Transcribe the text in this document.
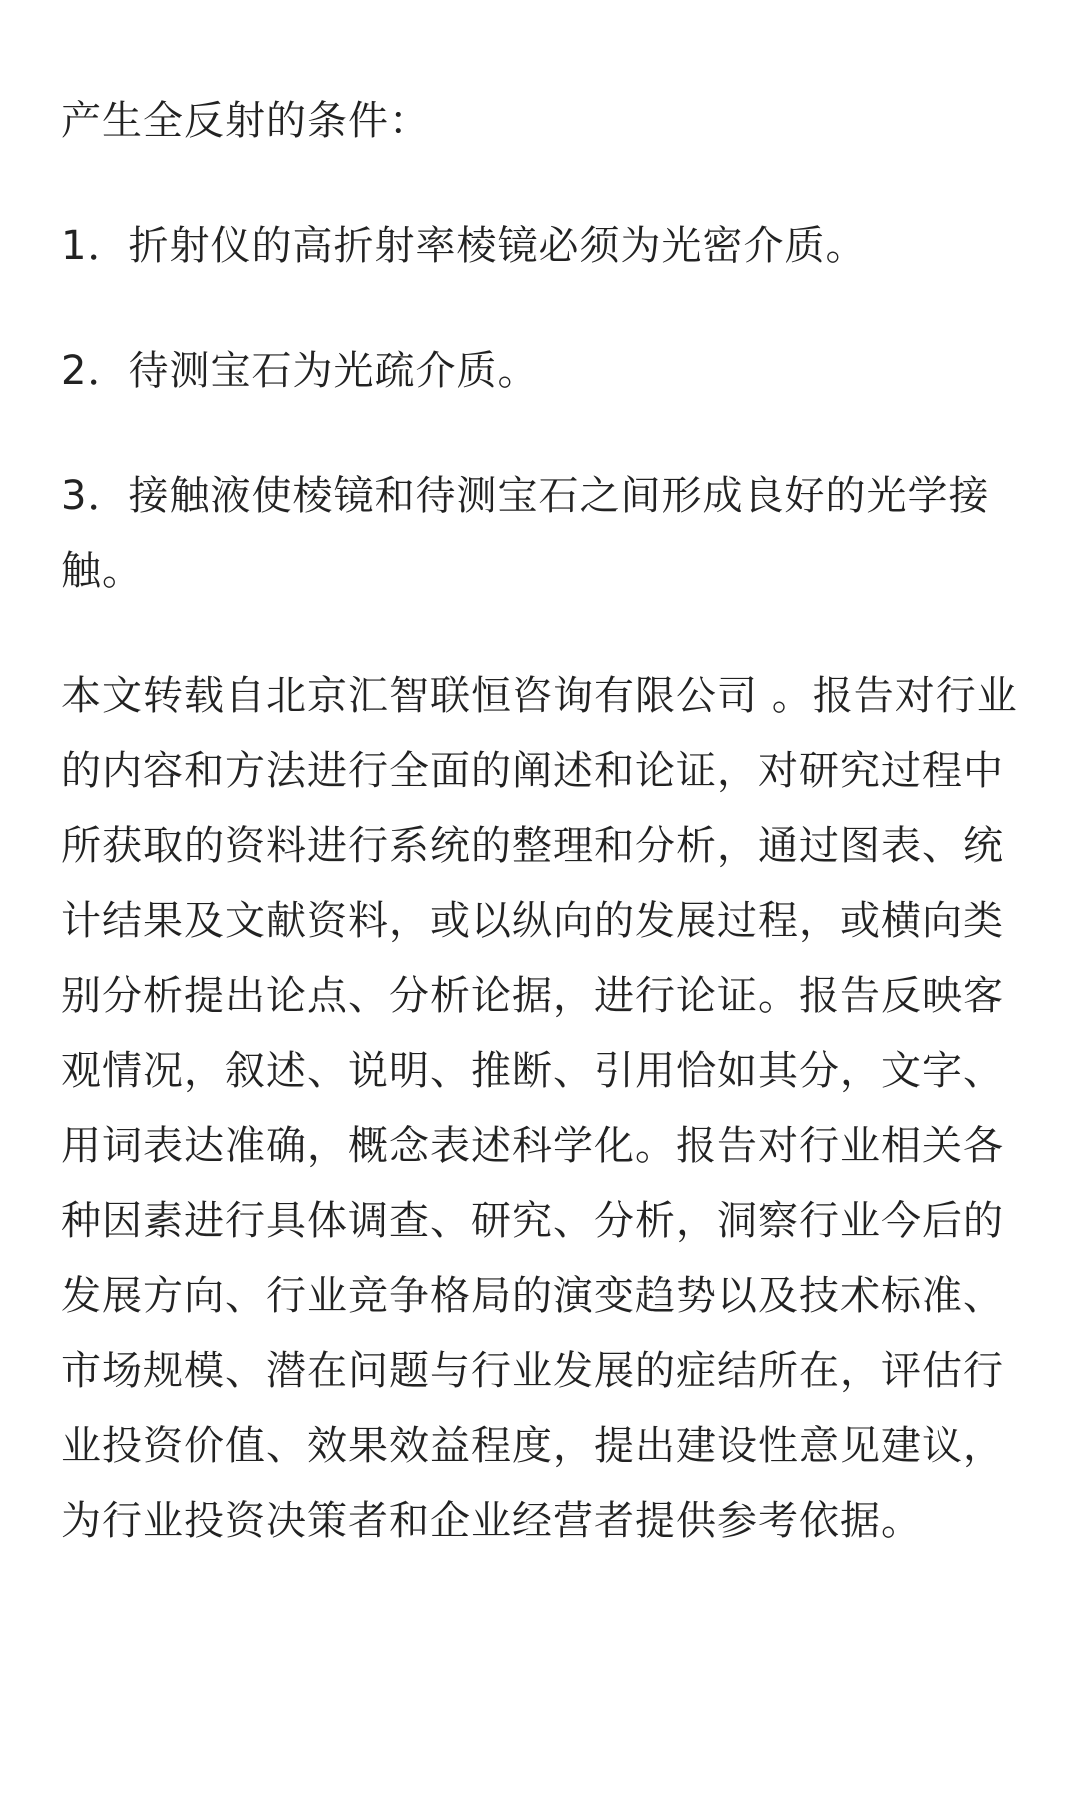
产生全反射的条件：

1．折射仪的高折射率棱镜必须为光密介质。

2．待测宝石为光疏介质。

3．接触液使棱镜和待测宝石之间形成良好的光学接触。

本文转载自北京汇智联恒咨询有限公司 。报告对行业的内容和方法进行全面的阐述和论证，对研究过程中所获取的资料进行系统的整理和分析，通过图表、统计结果及文献资料，或以纵向的发展过程，或横向类别分析提出论点、分析论据，进行论证。报告反映客观情况，叙述、说明、推断、引用恰如其分，文字、用词表达准确，概念表述科学化。报告对行业相关各种因素进行具体调查、研究、分析，洞察行业今后的发展方向、行业竞争格局的演变趋势以及技术标准、市场规模、潜在问题与行业发展的症结所在，评估行业投资价值、效果效益程度，提出建设性意见建议，为行业投资决策者和企业经营者提供参考依据。
